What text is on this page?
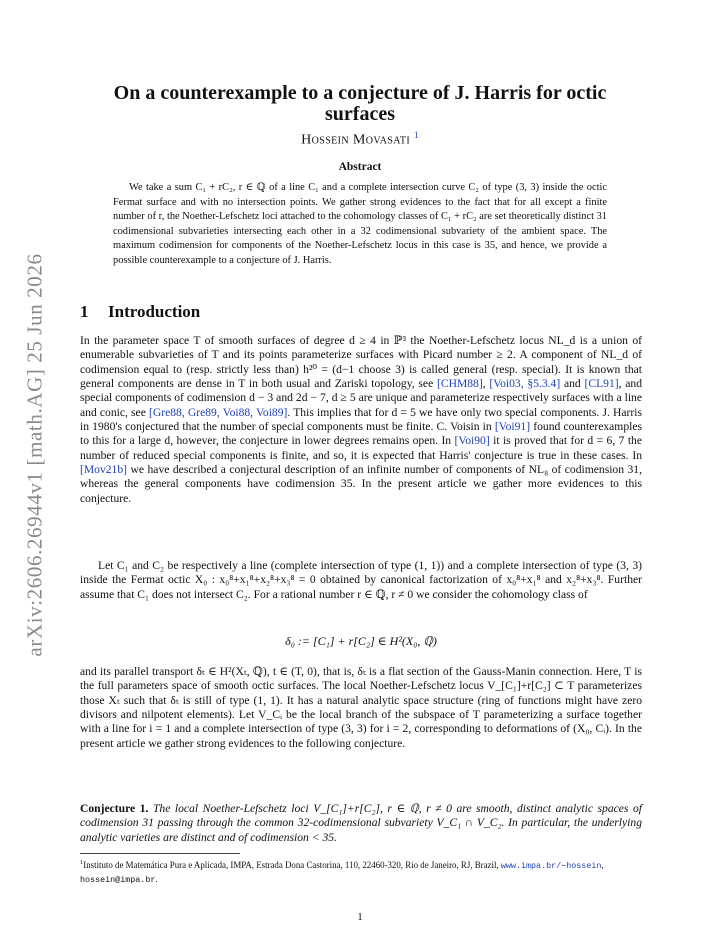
arXiv:2606.26944v1 [math.AG] 25 Jun 2026
On a counterexample to a conjecture of J. Harris for octic surfaces
Hossein Movasati $^1$
Abstract

We take a sum C₁ + rC₂, r ∈ ℚ of a line C₁ and a complete intersection curve C₂ of type (3, 3) inside the octic Fermat surface and with no intersection points. We gather strong evidences to the fact that for all except a finite number of r, the Noether-Lefschetz loci attached to the cohomology classes of C₁ + rC₂ are set theoretically distinct 31 codimensional subvarieties intersecting each other in a 32 codimensional subvariety of the ambient space. The maximum codimension for components of the Noether-Lefschetz locus in this case is 35, and hence, we provide a possible counterexample to a conjecture of J. Harris.

1 Introduction

In the parameter space T of smooth surfaces of degree d ≥ 4 in ℙ³ the Noether-Lefschetz locus NL_d is a union of enumerable subvarieties of T and its points parameterize surfaces with Picard number ≥ 2. A component of NL_d of codimension equal to (resp. strictly less than) h²⁰ = (d−1 choose 3) is called general (resp. special). It is known that general components are dense in T in both usual and Zariski topology, see [CHM88], [Voi03, §5.3.4] and [CL91], and special components of codimension d − 3 and 2d − 7, d ≥ 5 are unique and parameterize respectively surfaces with a line and conic, see [Gre88, Gre89, Voi88, Voi89]. This implies that for d = 5 we have only two special components. J. Harris in 1980's conjectured that the number of special components must be finite. C. Voisin in [Voi91] found counterexamples to this for a large d, however, the conjecture in lower degrees remains open. In [Voi90] it is proved that for d = 6, 7 the number of reduced special components is finite, and so, it is expected that Harris' conjecture is true in these cases. In [Mov21b] we have described a conjectural description of an infinite number of components of NL₈ of codimension 31, whereas the general components have codimension 35. In the present article we gather more evidences to this conjecture.

Let C₁ and C₂ be respectively a line (complete intersection of type (1, 1)) and a complete intersection of type (3, 3) inside the Fermat octic X₀ : x₀⁸+x₁⁸+x₂⁸+x₃⁸ = 0 obtained by canonical factorization of x₀⁸+x₁⁸ and x₂⁸+x₃⁸. Further assume that C₁ does not intersect C₂. For a rational number r ∈ ℚ, r ≠ 0 we consider the cohomology class of

δ₀ := [C₁] + r[C₂] ∈ H²(X₀, ℚ)

and its parallel transport δₜ ∈ H²(Xₜ, ℚ), t ∈ (T, 0), that is, δₜ is a flat section of the Gauss-Manin connection. Here, T is the full parameters space of smooth octic surfaces. The local Noether-Lefschetz locus V_[C₁]+r[C₂] ⊂ T parameterizes those Xₜ such that δₜ is still of type (1, 1). It has a natural analytic space structure (ring of functions might have zero divisors and nilpotent elements). Let V_Cᵢ be the local branch of the subspace of T parameterizing a surface together with a line for i = 1 and a complete intersection of type (3, 3) for i = 2, corresponding to deformations of (X₀, Cᵢ). In the present article we gather strong evidences to the following conjecture.

Conjecture 1. The local Noether-Lefschetz loci V_[C₁]+r[C₂], r ∈ ℚ, r ≠ 0 are smooth, distinct analytic spaces of codimension 31 passing through the common 32-codimensional subvariety V_C₁ ∩ V_C₂. In particular, the underlying analytic varieties are distinct and of codimension < 35.

$^1$Instituto de Matemática Pura e Aplicada, IMPA, Estrada Dona Castorina, 110, 22460-320, Rio de Janeiro, RJ, Brazil, www.impa.br/∼hossein, hossein@impa.br.

1
